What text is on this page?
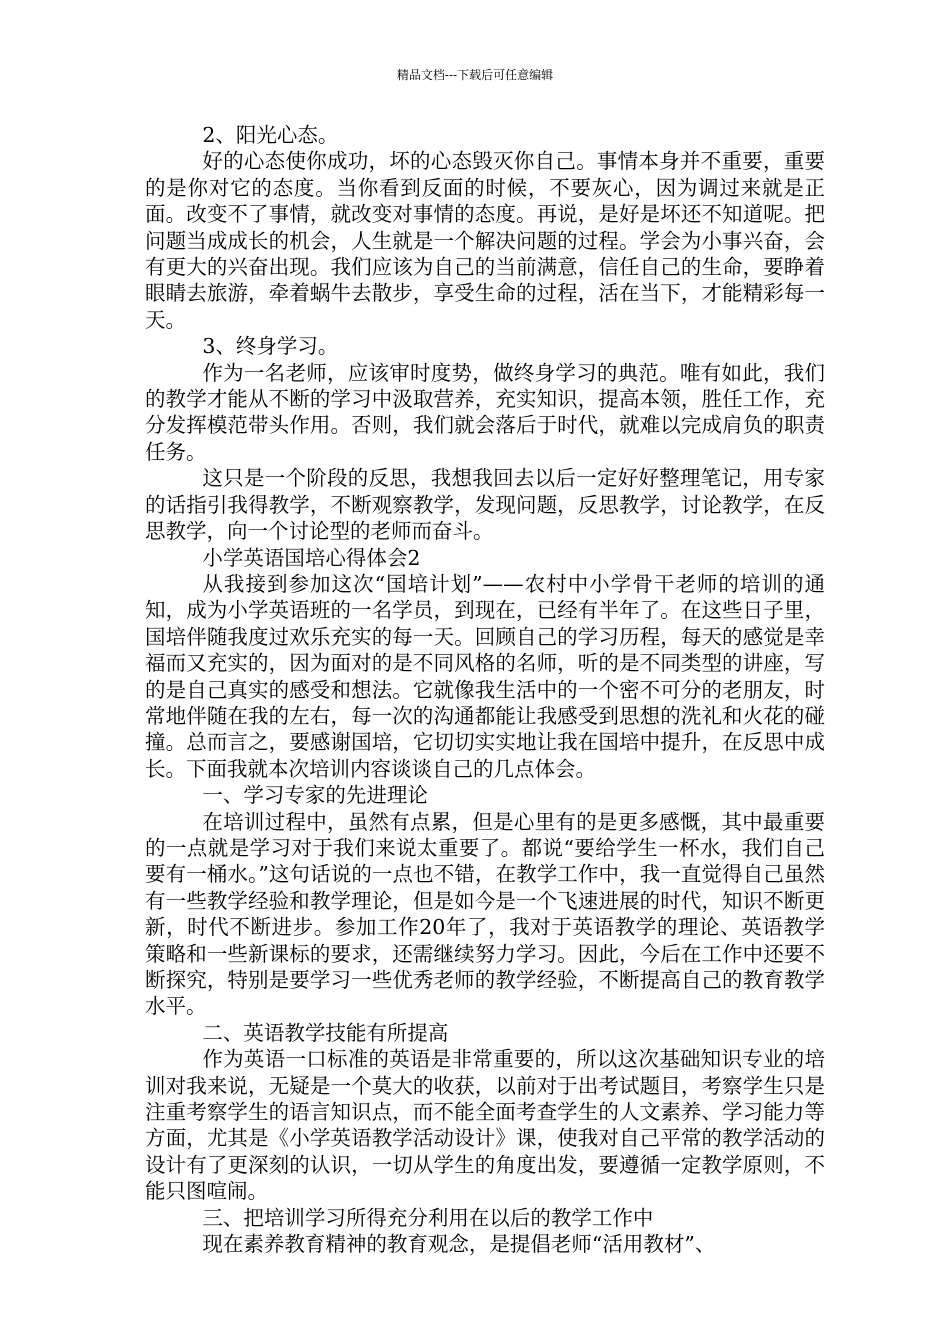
精品文档---下载后可任意编辑

2、阳光心态。

好的心态使你成功，坏的心态毁灭你自己。事情本身并不重要，重要的是你对它的态度。当你看到反面的时候，不要灰心，因为调过来就是正面。改变不了事情，就改变对事情的态度。再说，是好是坏还不知道呢。把问题当成成长的机会，人生就是一个解决问题的过程。学会为小事兴奋，会有更大的兴奋出现。我们应该为自己的当前满意，信任自己的生命，要睁着眼睛去旅游，牵着蜗牛去散步，享受生命的过程，活在当下，才能精彩每一天。

3、终身学习。

作为一名老师，应该审时度势，做终身学习的典范。唯有如此，我们的教学才能从不断的学习中汲取营养，充实知识，提高本领，胜任工作，充分发挥模范带头作用。否则，我们就会落后于时代，就难以完成肩负的职责任务。

这只是一个阶段的反思，我想我回去以后一定好好整理笔记，用专家的话指引我得教学，不断观察教学，发现问题，反思教学，讨论教学，在反思教学，向一个讨论型的老师而奋斗。

小学英语国培心得体会2

从我接到参加这次“国培计划”——农村中小学骨干老师的培训的通知，成为小学英语班的一名学员，到现在，已经有半年了。在这些日子里，国培伴随我度过欢乐充实的每一天。回顾自己的学习历程，每天的感觉是幸福而又充实的，因为面对的是不同风格的名师，听的是不同类型的讲座，写的是自己真实的感受和想法。它就像我生活中的一个密不可分的老朋友，时常地伴随在我的左右，每一次的沟通都能让我感受到思想的洗礼和火花的碰撞。总而言之，要感谢国培，它切切实实地让我在国培中提升，在反思中成长。下面我就本次培训内容谈谈自己的几点体会。

一、学习专家的先进理论

在培训过程中，虽然有点累，但是心里有的是更多感慨，其中最重要的一点就是学习对于我们来说太重要了。都说“要给学生一杯水，我们自己要有一桶水。”这句话说的一点也不错，在教学工作中，我一直觉得自己虽然有一些教学经验和教学理论，但是如今是一个飞速进展的时代，知识不断更新，时代不断进步。参加工作20年了，我对于英语教学的理论、英语教学策略和一些新课标的要求，还需继续努力学习。因此，今后在工作中还要不断探究，特别是要学习一些优秀老师的教学经验，不断提高自己的教育教学水平。

二、英语教学技能有所提高

作为英语一口标准的英语是非常重要的，所以这次基础知识专业的培训对我来说，无疑是一个莫大的收获，以前对于出考试题目，考察学生只是注重考察学生的语言知识点，而不能全面考查学生的人文素养、学习能力等方面，尤其是《小学英语教学活动设计》课，使我对自己平常的教学活动的设计有了更深刻的认识，一切从学生的角度出发，要遵循一定教学原则，不能只图喧闹。

三、把培训学习所得充分利用在以后的教学工作中

现在素养教育精神的教育观念，是提倡老师“活用教材”、
